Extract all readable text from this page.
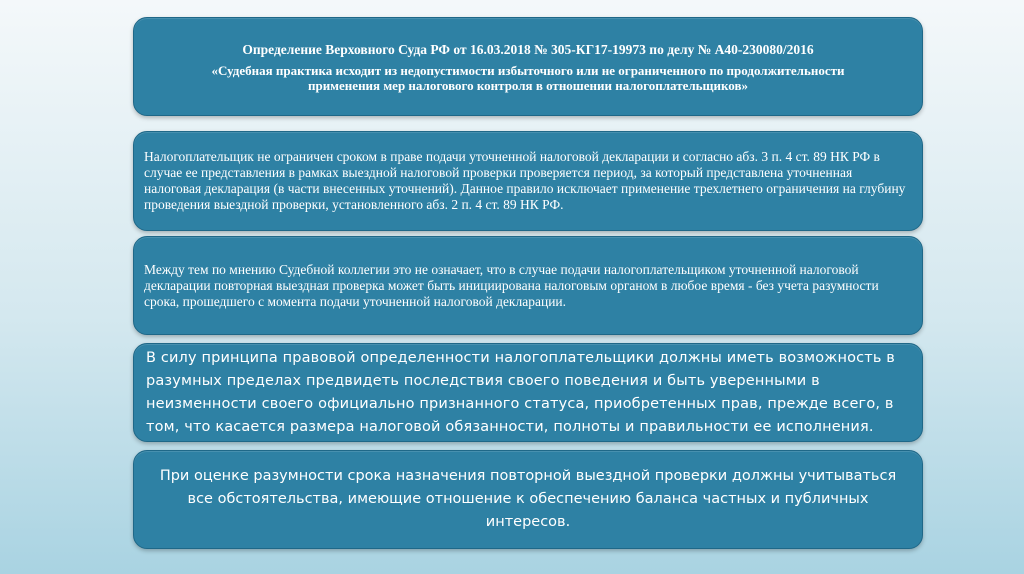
Определение Верховного Суда РФ от 16.03.2018 № 305-КГ17-19973 по делу № А40-230080/2016
«Судебная практика исходит из недопустимости избыточного или не ограниченного по продолжительности применения мер налогового контроля в отношении налогоплательщиков»

Налогоплательщик не ограничен сроком в праве подачи уточненной налоговой декларации и согласно абз. 3 п. 4 ст. 89 НК РФ в случае ее представления в рамках выездной налоговой проверки проверяется период, за который представлена уточненная налоговая декларация (в части внесенных уточнений). Данное правило исключает применение трехлетнего ограничения на глубину проведения выездной проверки, установленного абз. 2 п. 4 ст. 89 НК РФ.

Между тем по мнению Судебной коллегии это не означает, что в случае подачи налогоплательщиком уточненной налоговой декларации повторная выездная проверка может быть инициирована налоговым органом в любое время - без учета разумности срока, прошедшего с момента подачи уточненной налоговой декларации.

В силу принципа правовой определенности налогоплательщики должны иметь возможность в разумных пределах предвидеть последствия своего поведения и быть уверенными в неизменности своего официально признанного статуса, приобретенных прав, прежде всего, в том, что касается размера налоговой обязанности, полноты и правильности ее исполнения.

При оценке разумности срока назначения повторной выездной проверки должны учитываться все обстоятельства, имеющие отношение к обеспечению баланса частных и публичных интересов.
